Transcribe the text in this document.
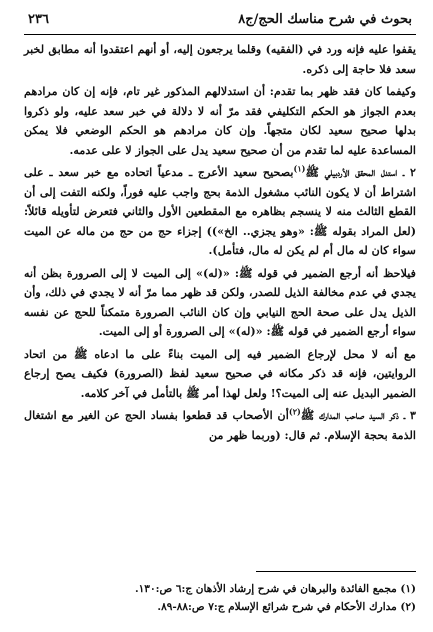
بحوث في شرح مناسك الحج/ج٨
٢٣٦

يقفوا عليه فإنه ورد في (الفقيه) وقلما يرجعون إليه، أو أنهم اعتقدوا أنه مطابق لخبر سعد فلا حاجة إلى ذكره.

وكيفما كان فقد ظهر بما تقدم: أن استدلالهم المذكور غير تام، فإنه إن كان مرادهم بعدم الجواز هو الحكم التكليفي فقد مرّ أنه لا دلالة في خبر سعد عليه، ولو ذكروا بدلها صحيح سعيد لكان متجهاً. وإن كان مرادهم هو الحكم الوضعي فلا يمكن المساعدة عليه لما تقدم من أن صحيح سعيد يدل على الجواز لا على عدمه.

٢ ـ استدل المحقق الأردبيلي ﷺ$^{(١)}$بصحيح سعيد الأعرج ـ مدعياً اتحاده مع خبر سعد ـ على اشتراط أن لا يكون النائب مشغول الذمة بحج واجب عليه فوراً، ولكنه التفت إلى أن القطع الثالث منه لا ينسجم بظاهره مع المقطعين الأول والثاني فتعرض لتأويله قائلاً: (لعل المراد بقوله ﷺ: «وهو يجزي.. الخ»)) إجزاء حج من حج من ماله عن الميت سواء كان له مال أم لم يكن له مال، فتأمل).

فيلاحظ أنه أرجع الضمير في قوله ﷺ: «(له)» إلى الميت لا إلى الصرورة بظن أنه يجدي في عدم مخالفة الذيل للصدر، ولكن قد ظهر مما مرّ أنه لا يجدي في ذلك، وأن الذيل يدل على صحة الحج النيابي وإن كان النائب الصرورة متمكناً للحج عن نفسه سواء أرجع الضمير في قوله ﷺ: «(له)» إلى الصرورة أو إلى الميت.

مع أنه لا محل لإرجاع الضمير فيه إلى الميت بناءً على ما ادعاه ﷺ من اتحاد الروايتين، فإنه قد ذكر مكانه في صحيح سعيد لفظ (الصرورة) فكيف يصح إرجاع الضمير البديل عنه إلى الميت؟! ولعل لهذا أمر ﷺ بالتأمل في آخر كلامه.

٣ ـ ذكر السيد صاحب المدارك ﷺ$^{(٢)}$أن الأصحاب قد قطعوا بفساد الحج عن الغير مع اشتغال الذمة بحجة الإسلام. ثم قال: (وربما ظهر من

(١) مجمع الفائدة والبرهان في شرح إرشاد الأذهان ج:٦ ص:١٣٠.
(٢) مدارك الأحكام في شرح شرائع الإسلام ج:٧ ص:٨٨-٨٩.
